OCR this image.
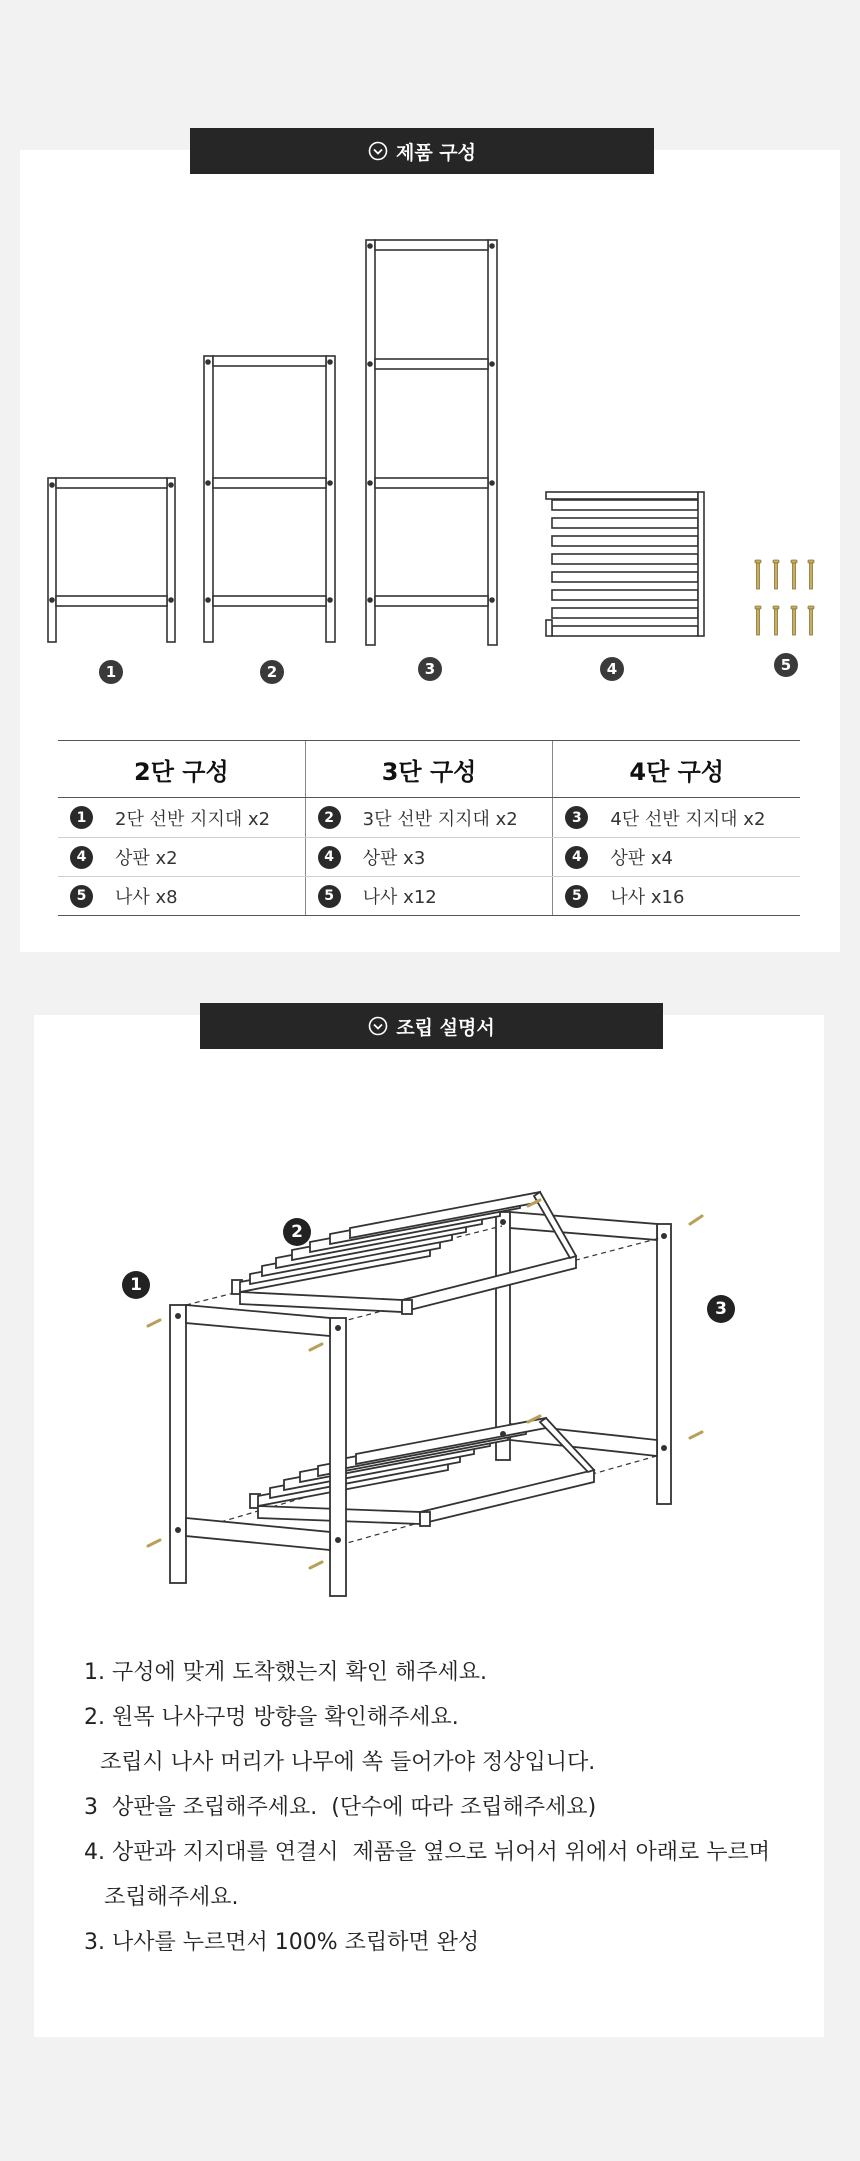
제품 구성
1	2	3	4	5
2단 구성	3단 구성	4단 구성
1	2단 선반 지지대 x2	2	3단 선반 지지대 x2	3	4단 선반 지지대 x2
4	상판 x2	4	상판 x3	4	상판 x4
5	나사 x8	5	나사 x12	5	나사 x16
조립 설명서
1
2
3

1. 구성에 맞게 도착했는지 확인 해주세요.

2. 원목 나사구멍 방향을 확인해주세요.

조립시 나사 머리가 나무에 쏙 들어가야 정상입니다.

3  상판을 조립해주세요.  (단수에 따라 조립해주세요)

4. 상판과 지지대를 연결시  제품을 옆으로 뉘어서 위에서 아래로 누르며

조립해주세요.

3. 나사를 누르면서 100% 조립하면 완성
